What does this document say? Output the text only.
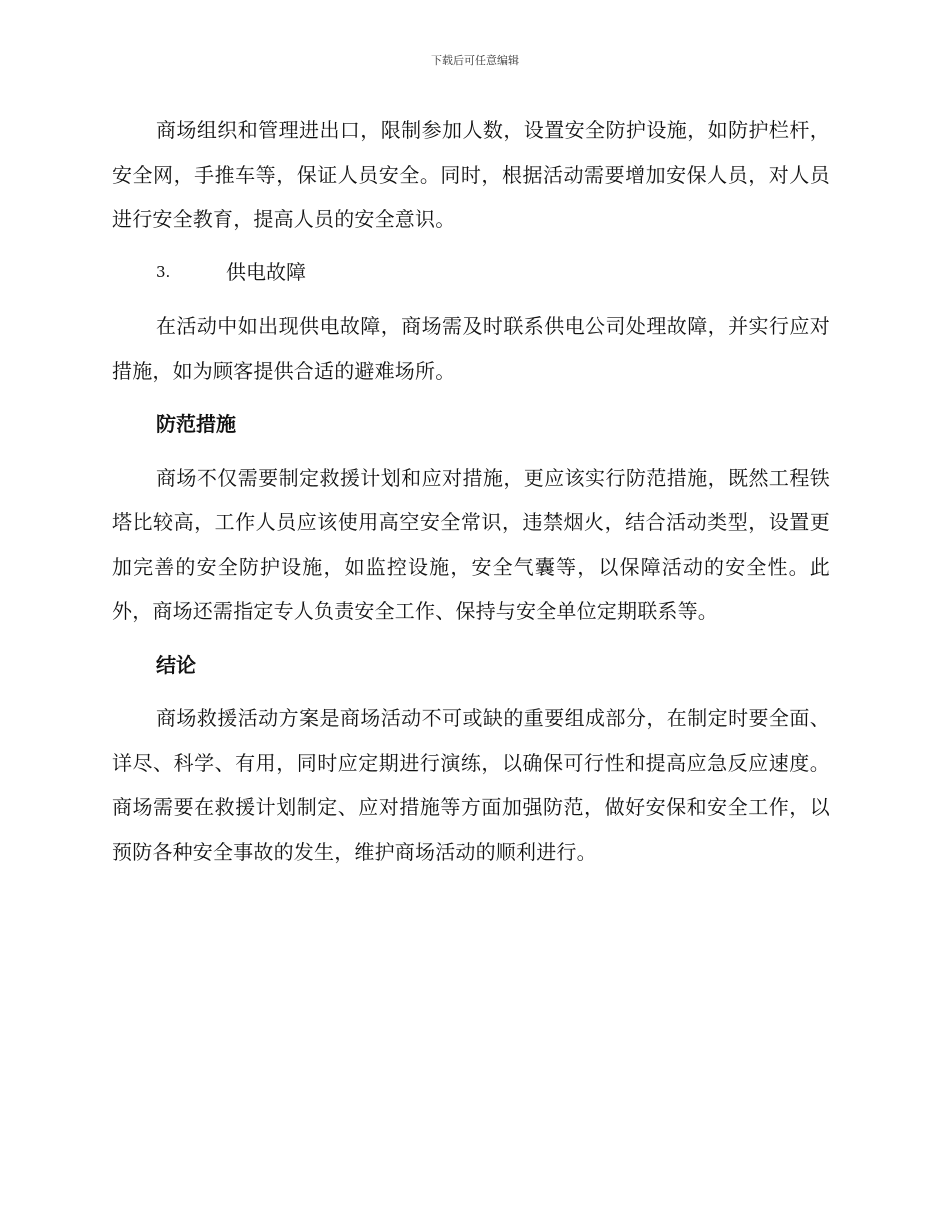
下载后可任意编辑

商场组织和管理进出口，限制参加人数，设置安全防护设施，如防护栏杆，安全网，手推车等，保证人员安全。同时，根据活动需要增加安保人员，对人员进行安全教育，提高人员的安全意识。

3.	供电故障

在活动中如出现供电故障，商场需及时联系供电公司处理故障，并实行应对措施，如为顾客提供合适的避难场所。

防范措施

商场不仅需要制定救援计划和应对措施，更应该实行防范措施，既然工程铁塔比较高，工作人员应该使用高空安全常识，违禁烟火，结合活动类型，设置更加完善的安全防护设施，如监控设施，安全气囊等，以保障活动的安全性。此外，商场还需指定专人负责安全工作、保持与安全单位定期联系等。

结论

商场救援活动方案是商场活动不可或缺的重要组成部分，在制定时要全面、详尽、科学、有用，同时应定期进行演练，以确保可行性和提高应急反应速度。商场需要在救援计划制定、应对措施等方面加强防范，做好安保和安全工作，以预防各种安全事故的发生，维护商场活动的顺利进行。
